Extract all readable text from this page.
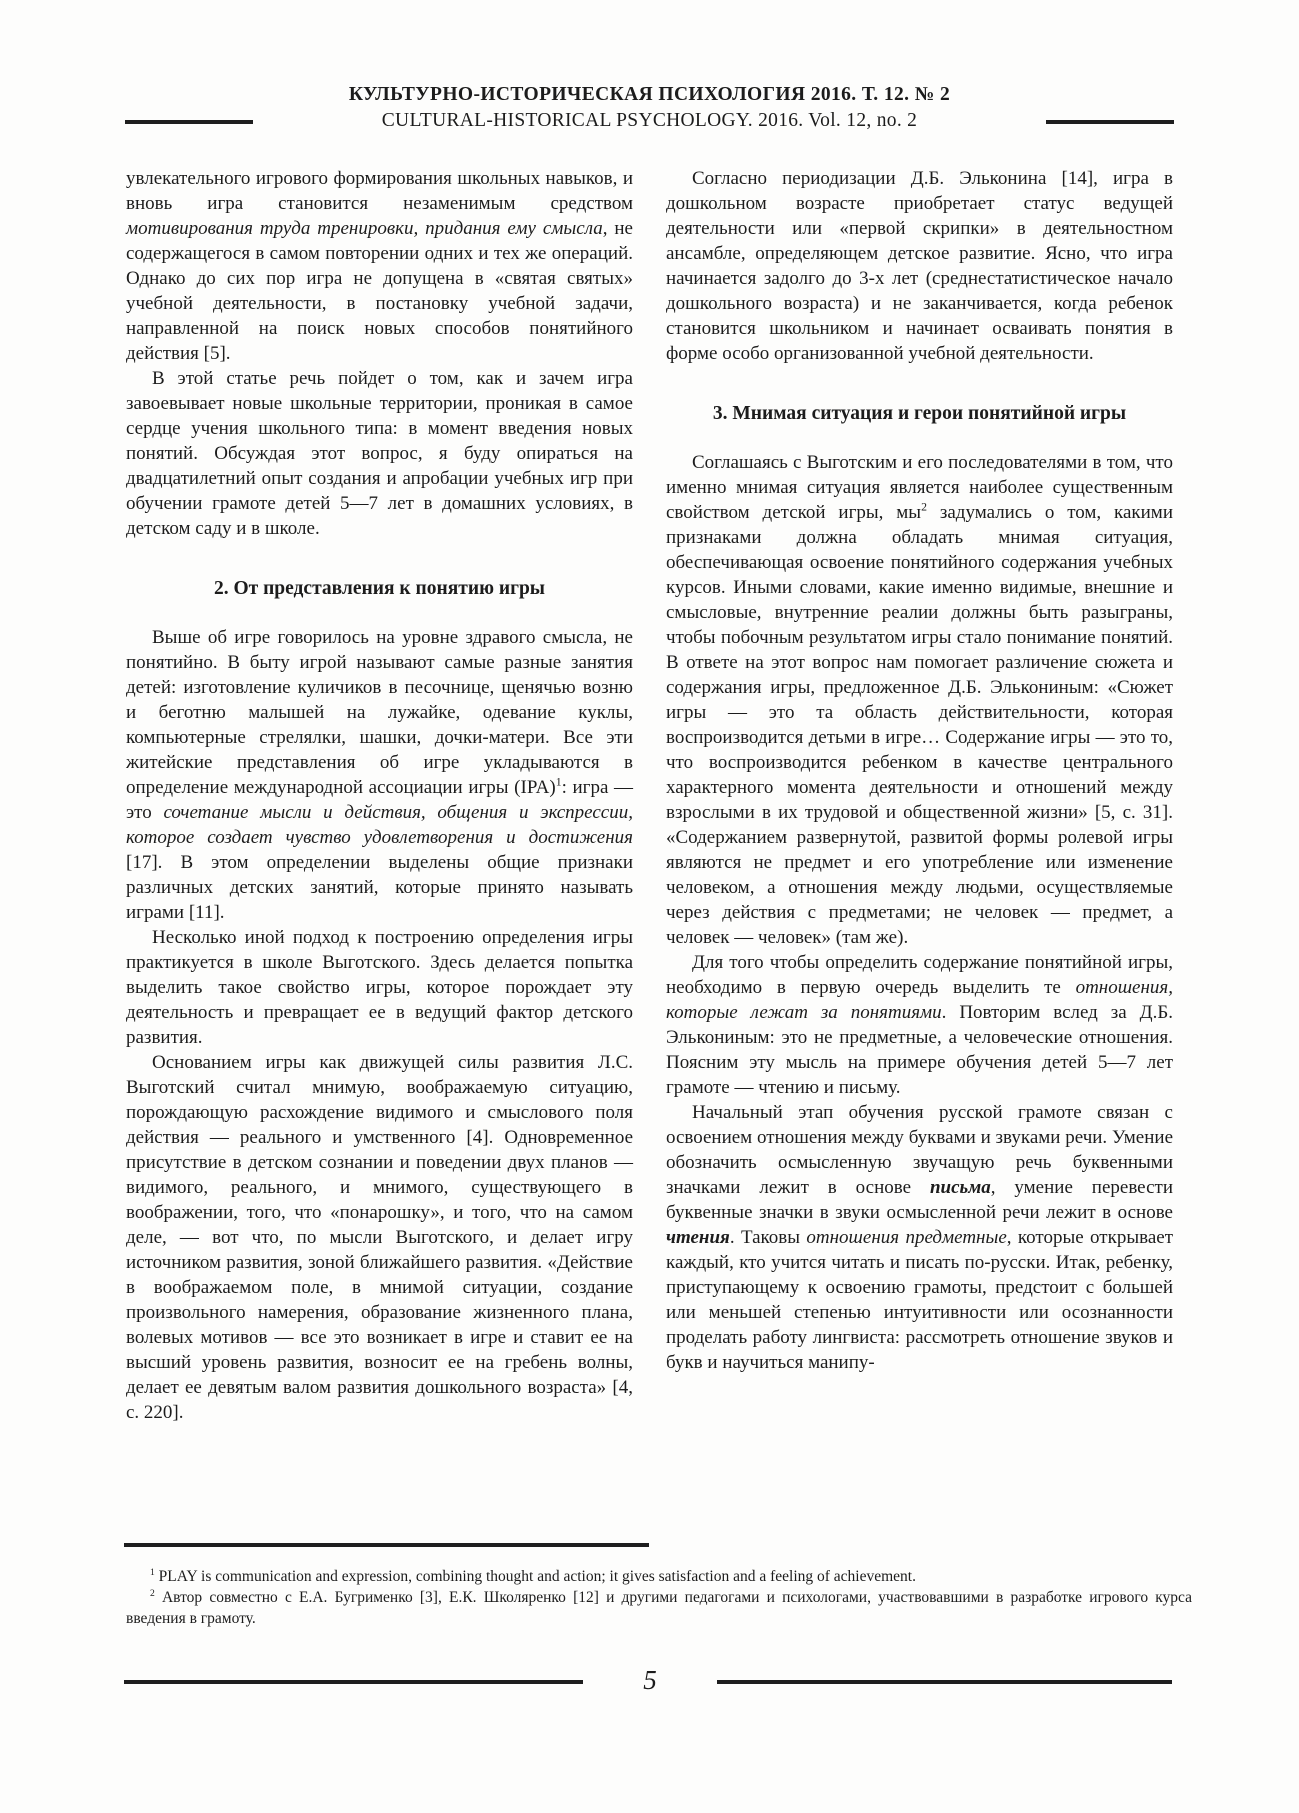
КУЛЬТУРНО-ИСТОРИЧЕСКАЯ ПСИХОЛОГИЯ 2016. Т. 12. № 2
CULTURAL-HISTORICAL PSYCHOLOGY. 2016. Vol. 12, no. 2

увлекательного игрового формирования школьных навыков, и вновь игра становится незаменимым средством мотивирования труда тренировки, придания ему смысла, не содержащегося в самом повторении одних и тех же операций. Однако до сих пор игра не допущена в «святая святых» учебной деятельности, в постановку учебной задачи, направленной на поиск новых способов понятийного действия [5].

В этой статье речь пойдет о том, как и зачем игра завоевывает новые школьные территории, проникая в самое сердце учения школьного типа: в момент введения новых понятий. Обсуждая этот вопрос, я буду опираться на двадцатилетний опыт создания и апробации учебных игр при обучении грамоте детей 5—7 лет в домашних условиях, в детском саду и в школе.

2. От представления к понятию игры

Выше об игре говорилось на уровне здравого смысла, не понятийно. В быту игрой называют самые разные занятия детей: изготовление куличиков в песочнице, щенячью возню и беготню малышей на лужайке, одевание куклы, компьютерные стрелялки, шашки, дочки-матери. Все эти житейские представления об игре укладываются в определение международной ассоциации игры (IPA)$^1$: игра — это сочетание мысли и действия, общения и экспрессии, которое создает чувство удовлетворения и достижения [17]. В этом определении выделены общие признаки различных детских занятий, которые принято называть играми [11].

Несколько иной подход к построению определения игры практикуется в школе Выготского. Здесь делается попытка выделить такое свойство игры, которое порождает эту деятельность и превращает ее в ведущий фактор детского развития.

Основанием игры как движущей силы развития Л.С. Выготский считал мнимую, воображаемую ситуацию, порождающую расхождение видимого и смыслового поля действия — реального и умственного [4]. Одновременное присутствие в детском сознании и поведении двух планов — видимого, реального, и мнимого, существующего в воображении, того, что «понарошку», и того, что на самом деле, — вот что, по мысли Выготского, и делает игру источником развития, зоной ближайшего развития. «Действие в воображаемом поле, в мнимой ситуации, создание произвольного намерения, образование жизненного плана, волевых мотивов — все это возникает в игре и ставит ее на высший уровень развития, возносит ее на гребень волны, делает ее девятым валом развития дошкольного возраста» [4, с. 220].

Согласно периодизации Д.Б. Эльконина [14], игра в дошкольном возрасте приобретает статус ведущей деятельности или «первой скрипки» в деятельностном ансамбле, определяющем детское развитие. Ясно, что игра начинается задолго до 3-х лет (среднестатистическое начало дошкольного возраста) и не заканчивается, когда ребенок становится школьником и начинает осваивать понятия в форме особо организованной учебной деятельности.

3. Мнимая ситуация и герои понятийной игры

Соглашаясь с Выготским и его последователями в том, что именно мнимая ситуация является наиболее существенным свойством детской игры, $мы^2$ задумались о том, какими признаками должна обладать мнимая ситуация, обеспечивающая освоение понятийного содержания учебных курсов. Иными словами, какие именно видимые, внешние и смысловые, внутренние реалии должны быть разыграны, чтобы побочным результатом игры стало понимание понятий. В ответе на этот вопрос нам помогает различение сюжета и содержания игры, предложенное Д.Б. Элькониным: «Сюжет игры — это та область действительности, которая воспроизводится детьми в игре… Содержание игры — это то, что воспроизводится ребенком в качестве центрального характерного момента деятельности и отношений между взрослыми в их трудовой и общественной жизни» [5, с. 31]. «Содержанием развернутой, развитой формы ролевой игры являются не предмет и его употребление или изменение человеком, а отношения между людьми, осуществляемые через действия с предметами; не человек — предмет, а человек — человек» (там же).

Для того чтобы определить содержание понятийной игры, необходимо в первую очередь выделить те отношения, которые лежат за понятиями. Повторим вслед за Д.Б. Элькониным: это не предметные, а человеческие отношения. Поясним эту мысль на примере обучения детей 5—7 лет грамоте — чтению и письму.

Начальный этап обучения русской грамоте связан с освоением отношения между буквами и звуками речи. Умение обозначить осмысленную звучащую речь буквенными значками лежит в основе письма, умение перевести буквенные значки в звуки осмысленной речи лежит в основе чтения. Таковы отношения предметные, которые открывает каждый, кто учится читать и писать по-русски. Итак, ребенку, приступающему к освоению грамоты, предстоит с большей или меньшей степенью интуитивности или осознанности проделать работу лингвиста: рассмотреть отношение звуков и букв и научиться манипу-

$^1$ PLAY is communication and expression, combining thought and action; it gives satisfaction and a feeling of achievement.

$^2$ Автор совместно с Е.А. Бугрименко [3], Е.К. Школяренко [12] и другими педагогами и психологами, участвовавшими в разработке игрового курса введения в грамоту.

5
